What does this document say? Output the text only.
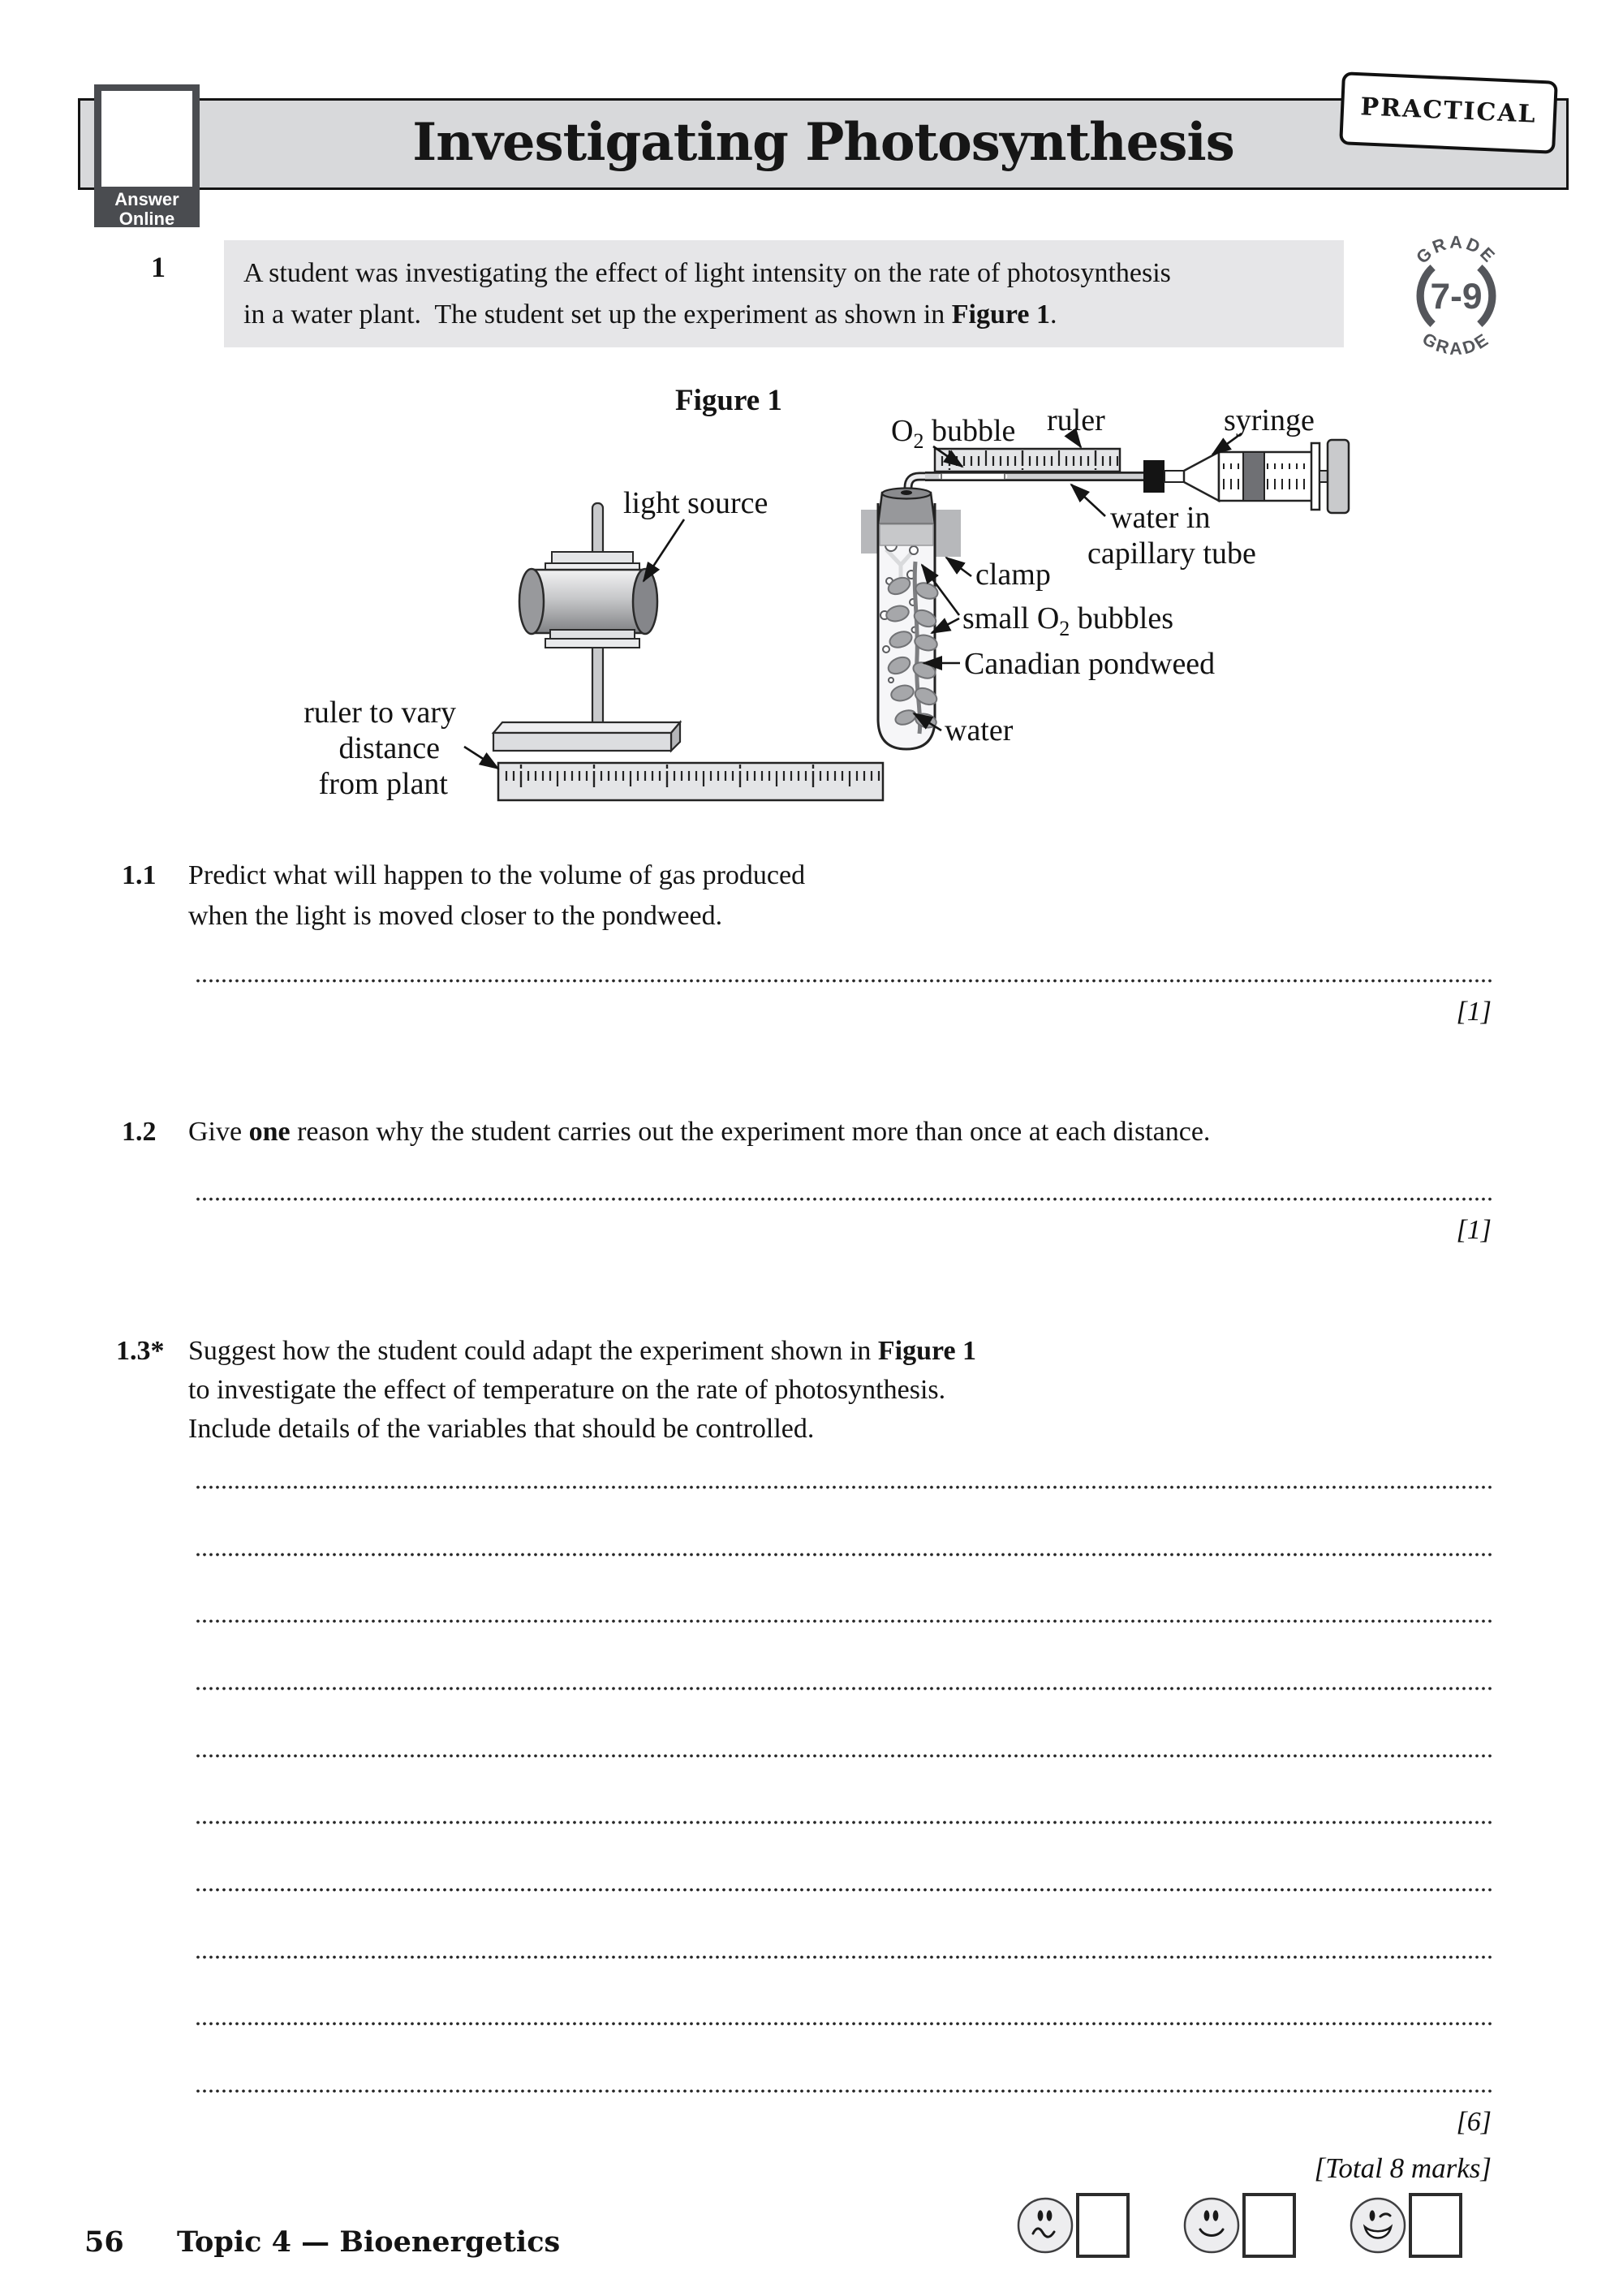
Investigating Photosynthesis
PRACTICAL
Answer
Online
GRADE
GRADE
7-9
1	A student was investigating the effect of light intensity on the rate of photosynthesis
in a water plant.  The student set up the experiment as shown in Figure 1.
Figure 1
$O_2$ bubble ruler	syringe
water in
capillary tube
clamp
small $O_2$ bubbles
Canadian pondweed
water
light source
ruler to vary
distance
from plant
1.1 Predict what will happen to the volume of gas produced
when the light is moved closer to the pondweed.
[1]
1.2 Give one reason why the student carries out the experiment more than once at each distance.
[1]
1.3* Suggest how the student could adapt the experiment shown in Figure 1
to investigate the effect of temperature on the rate of photosynthesis.
Include details of the variables that should be controlled.
[6]
[Total 8 marks]
56 Topic 4 — Bioenergetics
